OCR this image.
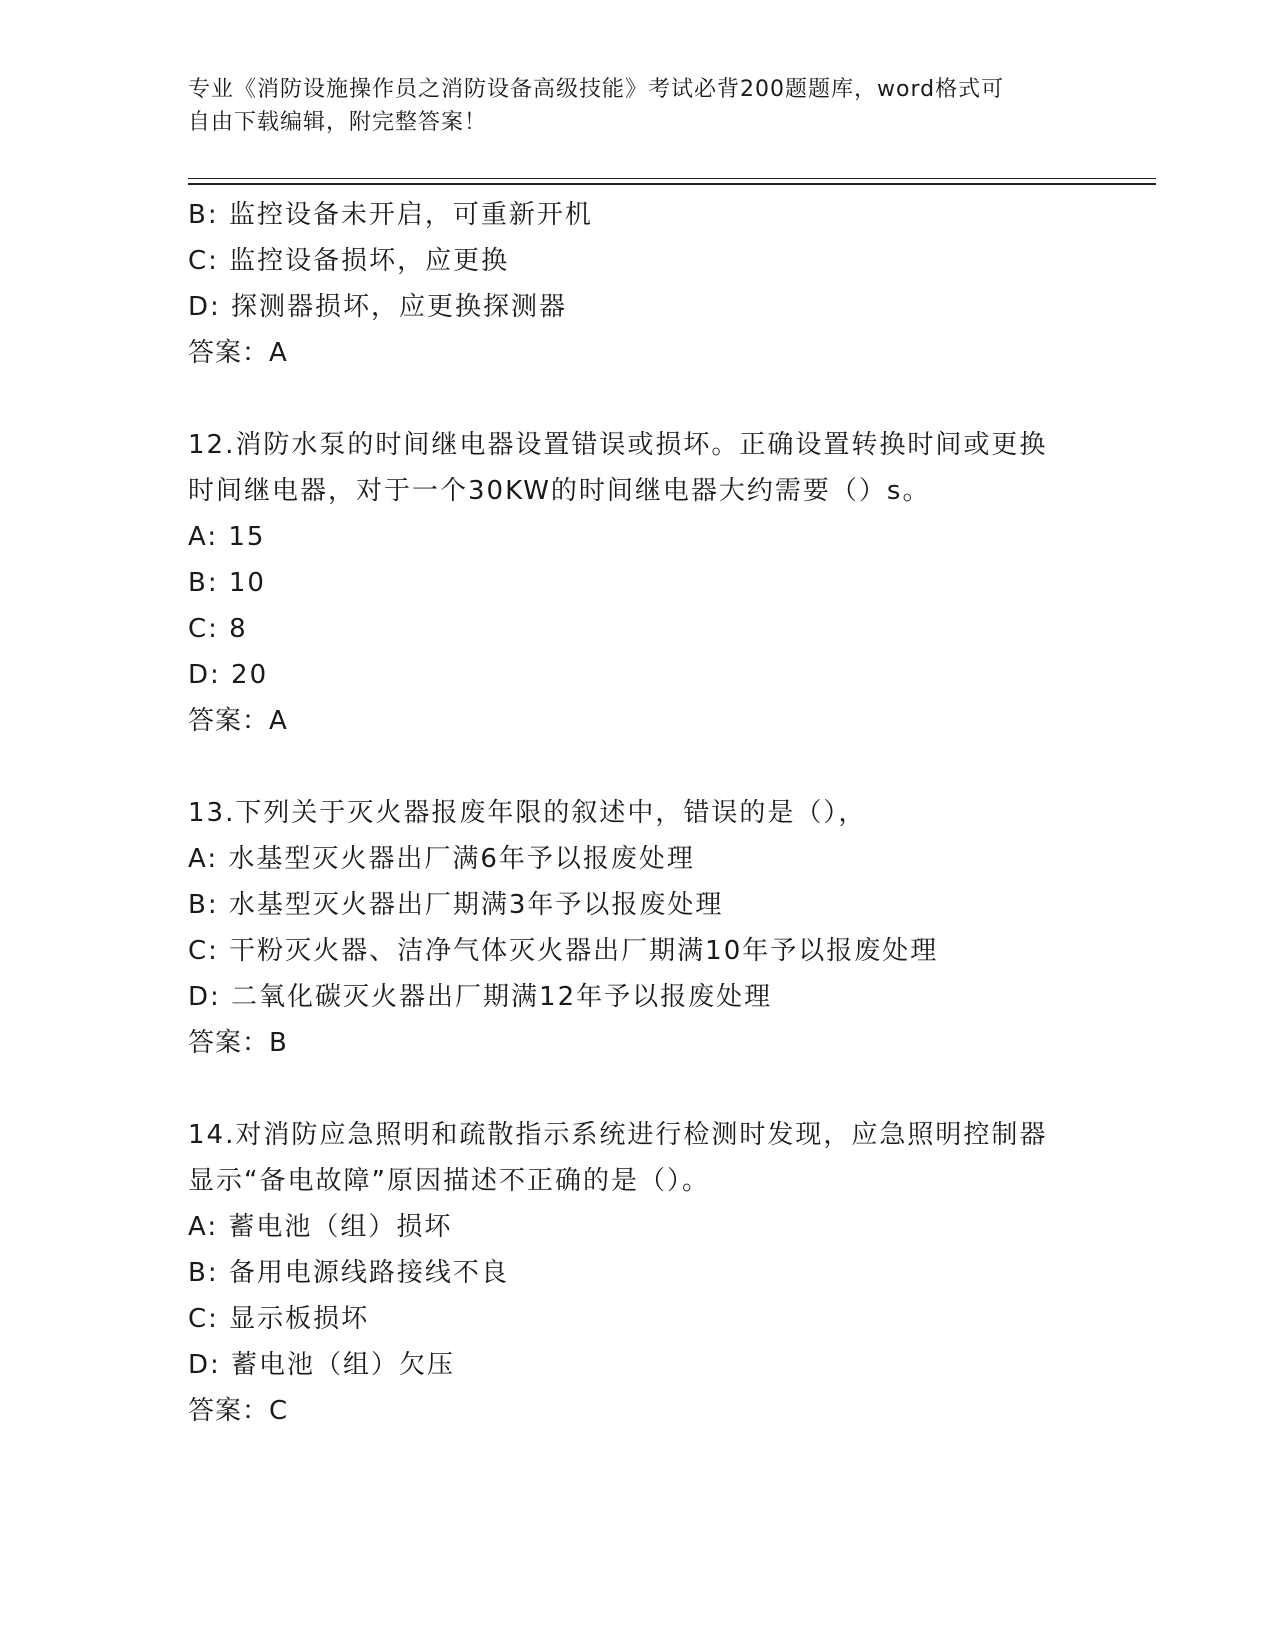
专业《消防设施操作员之消防设备高级技能》考试必背200题题库，word格式可
自由下载编辑，附完整答案！
B: 监控设备未开启，可重新开机
C: 监控设备损坏，应更换
D: 探测器损坏，应更换探测器
答案：A
12.消防水泵的时间继电器设置错误或损坏。正确设置转换时间或更换
时间继电器，对于一个30KW的时间继电器大约需要（）s。
A: 15
B: 10
C: 8
D: 20
答案：A
13.下列关于灭火器报废年限的叙述中，错误的是（），
A: 水基型灭火器出厂满6年予以报废处理
B: 水基型灭火器出厂期满3年予以报废处理
C: 干粉灭火器、洁净气体灭火器出厂期满10年予以报废处理
D: 二氧化碳灭火器出厂期满12年予以报废处理
答案：B
14.对消防应急照明和疏散指示系统进行检测时发现，应急照明控制器
显示“备电故障”原因描述不正确的是（）。
A: 蓄电池（组）损坏
B: 备用电源线路接线不良
C: 显示板损坏
D: 蓄电池（组）欠压
答案：C
